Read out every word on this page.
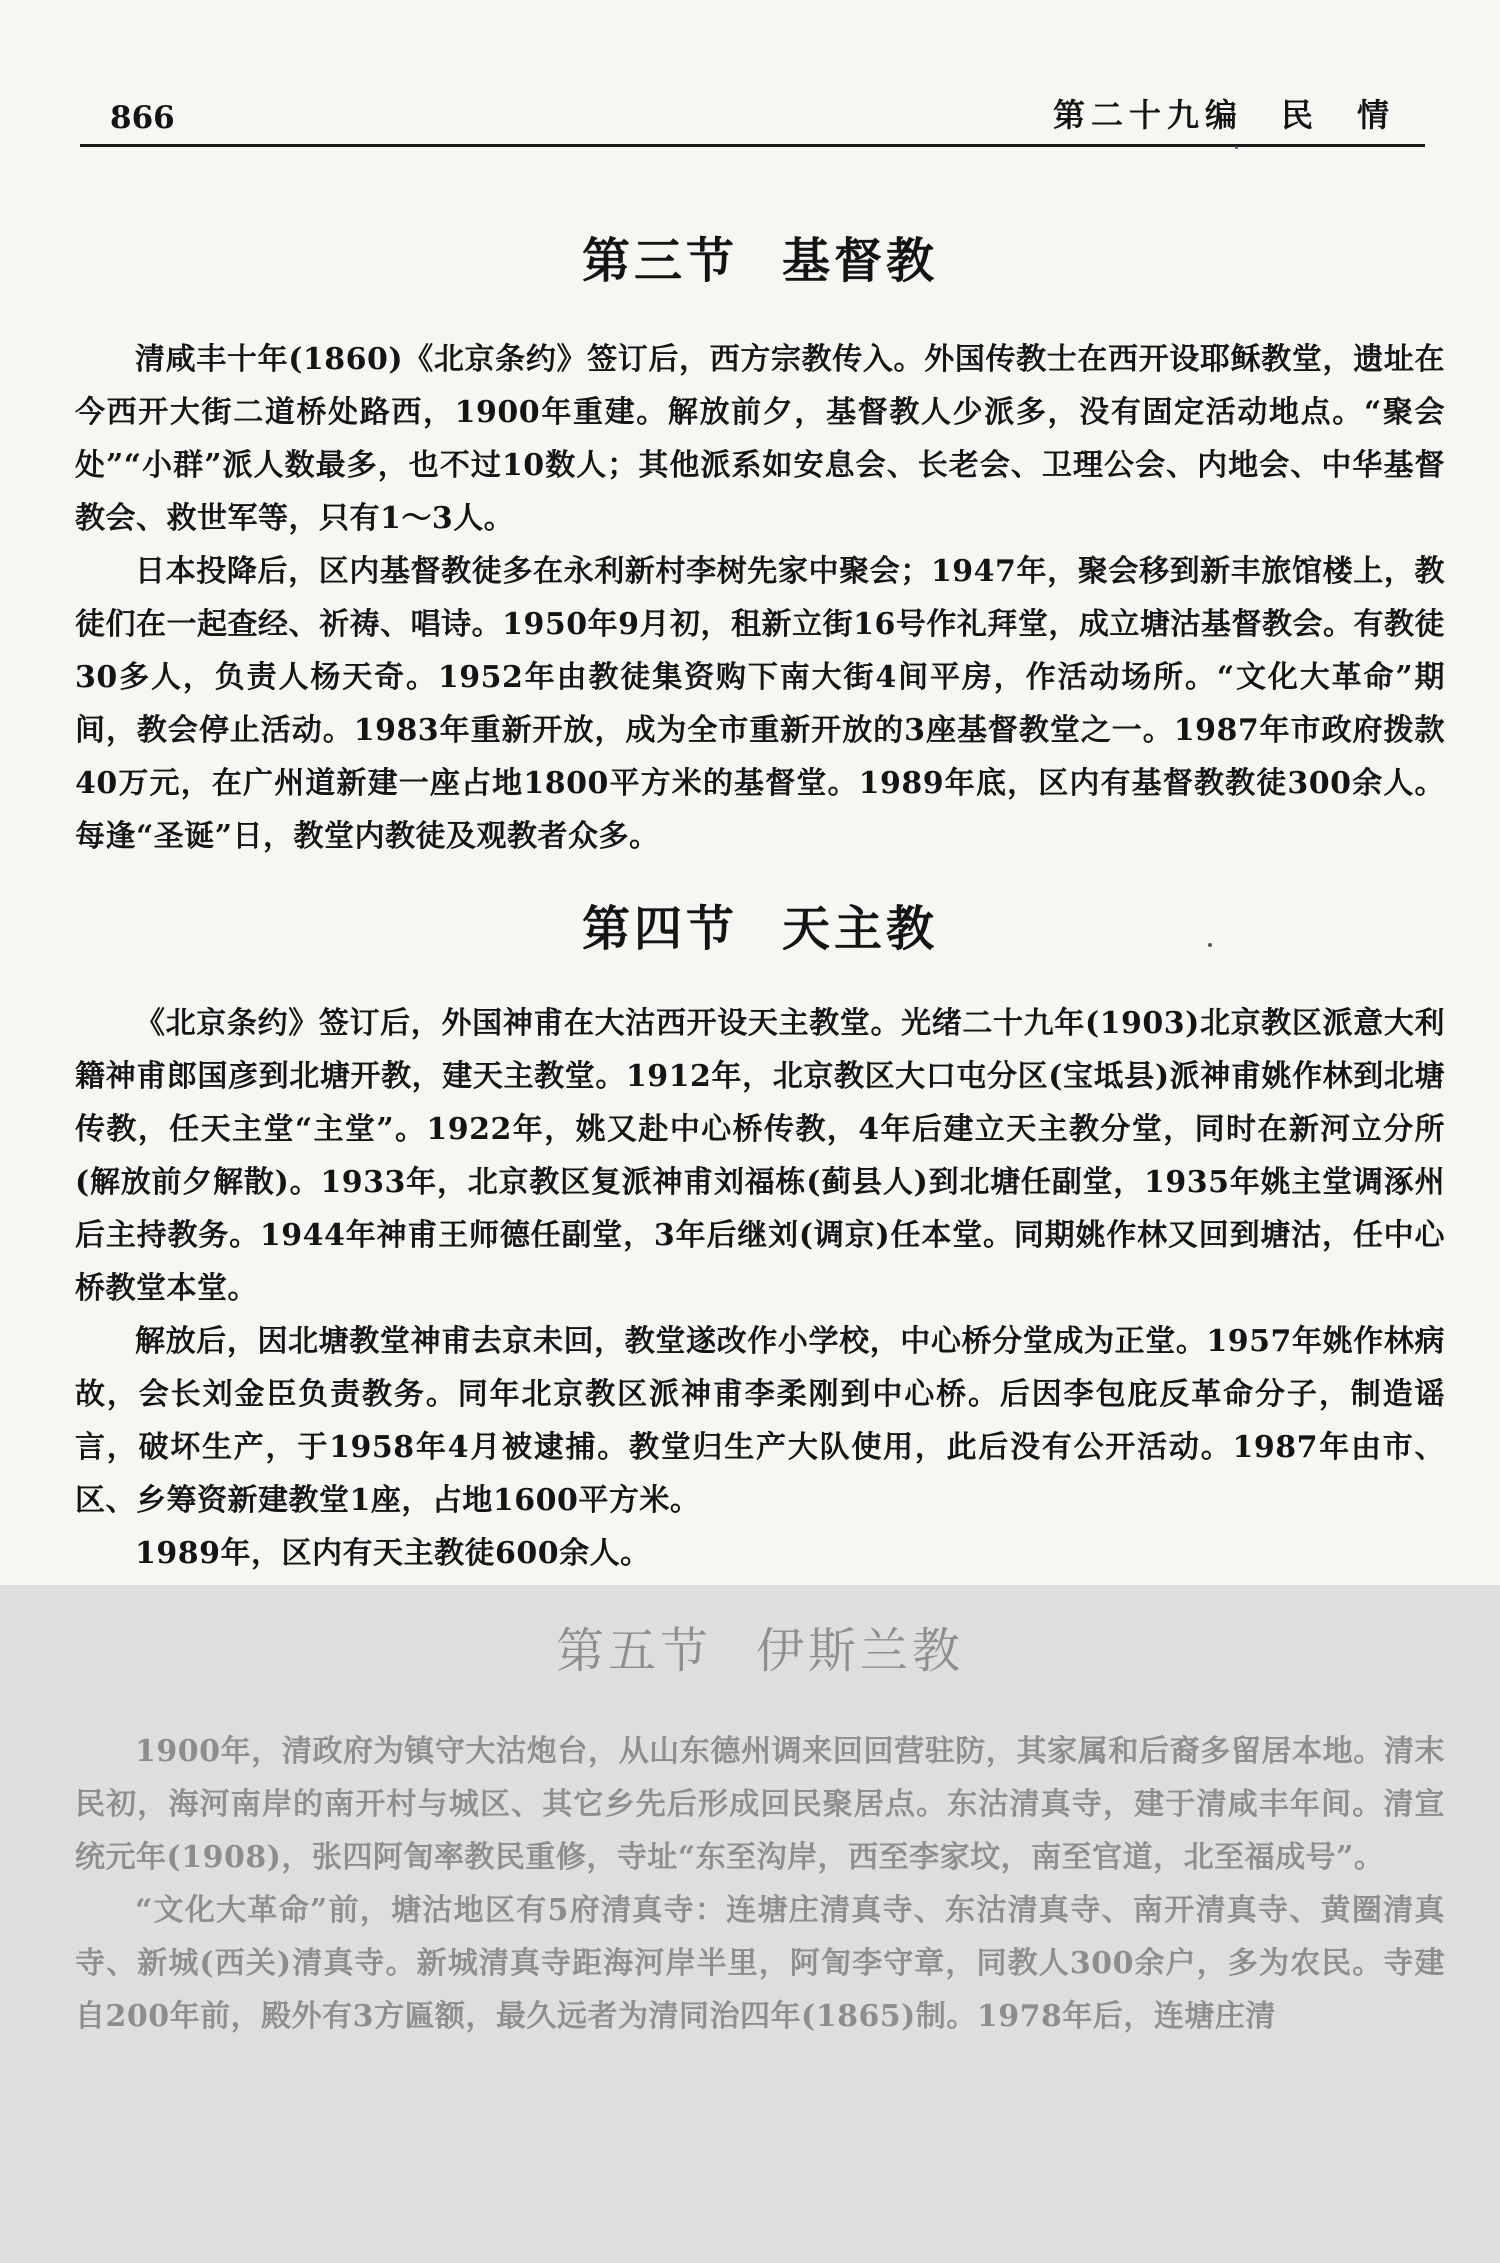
866	第二十九编　民　情
第三节 基督教

清咸丰十年(1860)《北京条约》签订后，西方宗教传入。外国传教士在西开设耶稣教堂，遗址在今西开大街二道桥处路西，1900年重建。解放前夕，基督教人少派多，没有固定活动地点。“聚会处”“小群”派人数最多，也不过10数人；其他派系如安息会、长老会、卫理公会、内地会、中华基督教会、救世军等，只有1～3人。

日本投降后，区内基督教徒多在永利新村李树先家中聚会；1947年，聚会移到新丰旅馆楼上，教徒们在一起查经、祈祷、唱诗。1950年9月初，租新立街16号作礼拜堂，成立塘沽基督教会。有教徒30多人，负责人杨天奇。1952年由教徒集资购下南大街4间平房，作活动场所。“文化大革命”期间，教会停止活动。1983年重新开放，成为全市重新开放的3座基督教堂之一。1987年市政府拨款40万元，在广州道新建一座占地1800平方米的基督堂。1989年底，区内有基督教教徒300余人。每逢“圣诞”日，教堂内教徒及观教者众多。

第四节 天主教

《北京条约》签订后，外国神甫在大沽西开设天主教堂。光绪二十九年(1903)北京教区派意大利籍神甫郎国彦到北塘开教，建天主教堂。1912年，北京教区大口屯分区(宝坻县)派神甫姚作林到北塘传教，任天主堂“主堂”。1922年，姚又赴中心桥传教，4年后建立天主教分堂，同时在新河立分所(解放前夕解散)。1933年，北京教区复派神甫刘福栋(蓟县人)到北塘任副堂，1935年姚主堂调涿州后主持教务。1944年神甫王师德任副堂，3年后继刘(调京)任本堂。同期姚作林又回到塘沽，任中心桥教堂本堂。

解放后，因北塘教堂神甫去京未回，教堂遂改作小学校，中心桥分堂成为正堂。1957年姚作林病故，会长刘金臣负责教务。同年北京教区派神甫李柔刚到中心桥。后因李包庇反革命分子，制造谣言，破坏生产，于1958年4月被逮捕。教堂归生产大队使用，此后没有公开活动。1987年由市、区、乡筹资新建教堂1座，占地1600平方米。

1989年，区内有天主教徒600余人。

第五节 伊斯兰教

1900年，清政府为镇守大沽炮台，从山东德州调来回回营驻防，其家属和后裔多留居本地。清末民初，海河南岸的南开村与城区、其它乡先后形成回民聚居点。东沽清真寺，建于清咸丰年间。清宣统元年(1908)，张四阿訇率教民重修，寺址“东至沟岸，西至李家坟，南至官道，北至福成号”。

“文化大革命”前，塘沽地区有5府清真寺：连塘庄清真寺、东沽清真寺、南开清真寺、黄圈清真寺、新城(西关)清真寺。新城清真寺距海河岸半里，阿訇李守章，同教人300余户，多为农民。寺建自200年前，殿外有3方匾额，最久远者为清同治四年(1865)制。1978年后，连塘庄清
